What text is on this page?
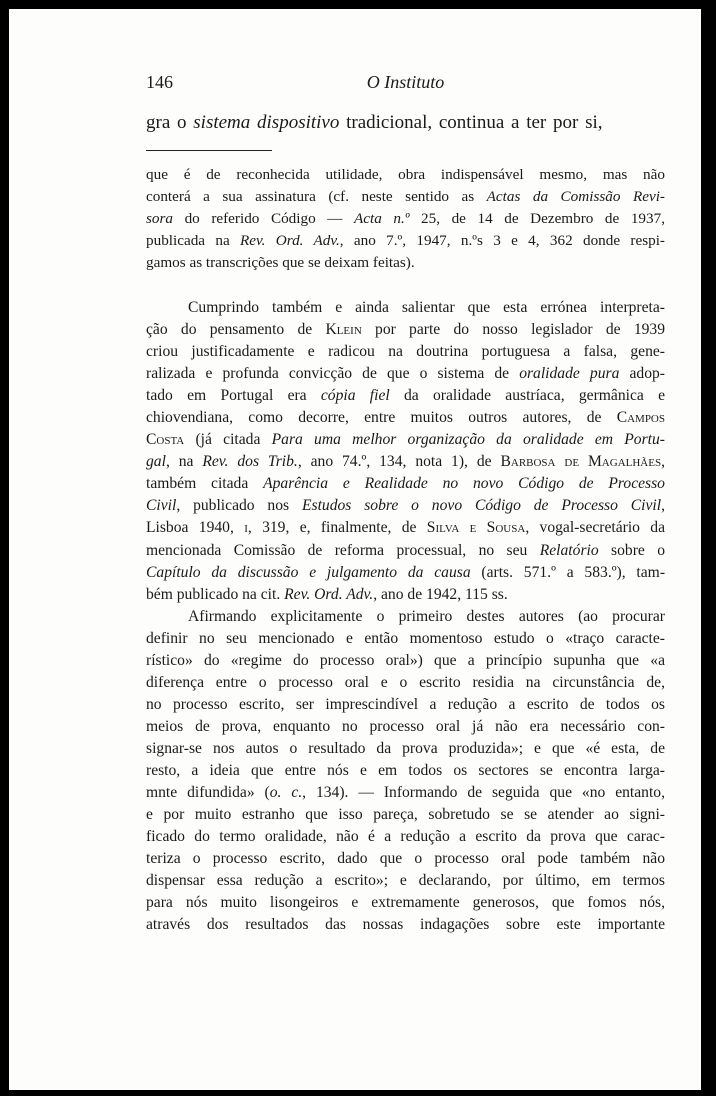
146	O Instituto
gra o sistema dispositivo tradicional, continua a ter por si,
que é de reconhecida utilidade, obra indispensável mesmo, mas não
conterá a sua assinatura (cf. neste sentido as Actas da Comissão Revi-
sora do referido Código — Acta n.º 25, de 14 de Dezembro de 1937,
publicada na Rev. Ord. Adv., ano 7.º, 1947, n.ºs 3 e 4, 362 donde respi-
gamos as transcrições que se deixam feitas).
Cumprindo também e ainda salientar que esta errónea interpreta-
ção do pensamento de Klein por parte do nosso legislador de 1939
criou justificadamente e radicou na doutrina portuguesa a falsa, gene-
ralizada e profunda convicção de que o sistema de oralidade pura adop-
tado em Portugal era cópia fiel da oralidade austríaca, germânica e
chiovendiana, como decorre, entre muitos outros autores, de Campos
Costa (já citada Para uma melhor organização da oralidade em Portu-
gal, na Rev. dos Trib., ano 74.º, 134, nota 1), de Barbosa de Magalhães,
também citada Aparência e Realidade no novo Código de Processo
Civil, publicado nos Estudos sobre o novo Código de Processo Civil,
Lisboa 1940, i, 319, e, finalmente, de Silva e Sousa, vogal-secretário da
mencionada Comissão de reforma processual, no seu Relatório sobre o
Capítulo da discussão e julgamento da causa (arts. 571.º a 583.º), tam-
bém publicado na cit. Rev. Ord. Adv., ano de 1942, 115 ss.
Afirmando explicitamente o primeiro destes autores (ao procurar
definir no seu mencionado e então momentoso estudo o «traço caracte-
rístico» do «regime do processo oral») que a princípio supunha que «a
diferença entre o processo oral e o escrito residia na circunstância de,
no processo escrito, ser imprescindível a redução a escrito de todos os
meios de prova, enquanto no processo oral já não era necessário con-
signar-se nos autos o resultado da prova produzida»; e que «é esta, de
resto, a ideia que entre nós e em todos os sectores se encontra larga-
mnte difundida» (o. c., 134). — Informando de seguida que «no entanto,
e por muito estranho que isso pareça, sobretudo se se atender ao signi-
ficado do termo oralidade, não é a redução a escrito da prova que carac-
teriza o processo escrito, dado que o processo oral pode também não
dispensar essa redução a escrito»; e declarando, por último, em termos
para nós muito lisongeiros e extremamente generosos, que fomos nós,
através dos resultados das nossas indagações sobre este importante
